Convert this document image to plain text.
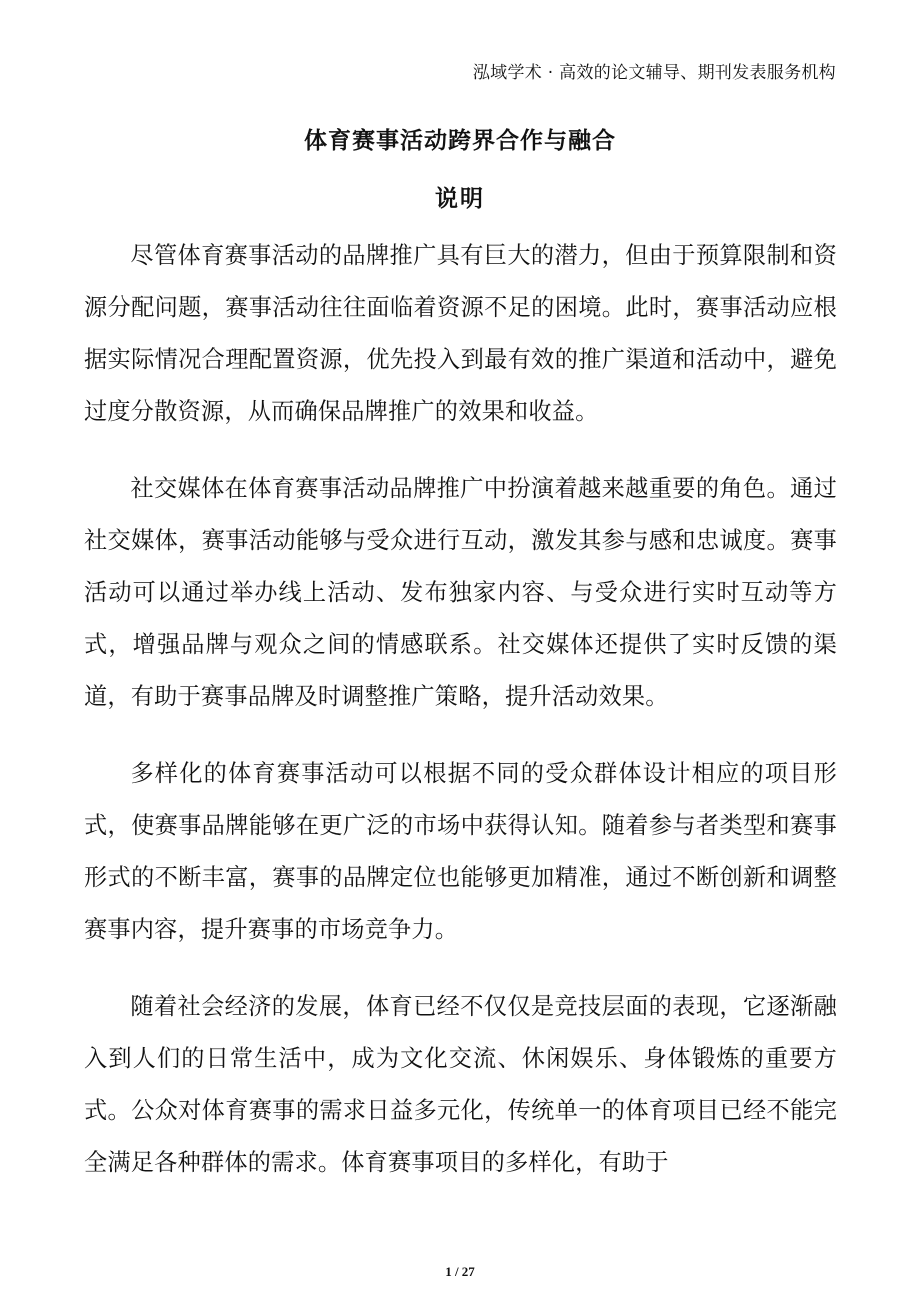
泓域学术 · 高效的论文辅导、期刊发表服务机构
体育赛事活动跨界合作与融合
说明

尽管体育赛事活动的品牌推广具有巨大的潜力，但由于预算限制和资源分配问题，赛事活动往往面临着资源不足的困境。此时，赛事活动应根据实际情况合理配置资源，优先投入到最有效的推广渠道和活动中，避免过度分散资源，从而确保品牌推广的效果和收益。

社交媒体在体育赛事活动品牌推广中扮演着越来越重要的角色。通过社交媒体，赛事活动能够与受众进行互动，激发其参与感和忠诚度。赛事活动可以通过举办线上活动、发布独家内容、与受众进行实时互动等方式，增强品牌与观众之间的情感联系。社交媒体还提供了实时反馈的渠道，有助于赛事品牌及时调整推广策略，提升活动效果。

多样化的体育赛事活动可以根据不同的受众群体设计相应的项目形式，使赛事品牌能够在更广泛的市场中获得认知。随着参与者类型和赛事形式的不断丰富，赛事的品牌定位也能够更加精准，通过不断创新和调整赛事内容，提升赛事的市场竞争力。

随着社会经济的发展，体育已经不仅仅是竞技层面的表现，它逐渐融入到人们的日常生活中，成为文化交流、休闲娱乐、身体锻炼的重要方式。公众对体育赛事的需求日益多元化，传统单一的体育项目已经不能完全满足各种群体的需求。体育赛事项目的多样化，有助于

1 / 27
